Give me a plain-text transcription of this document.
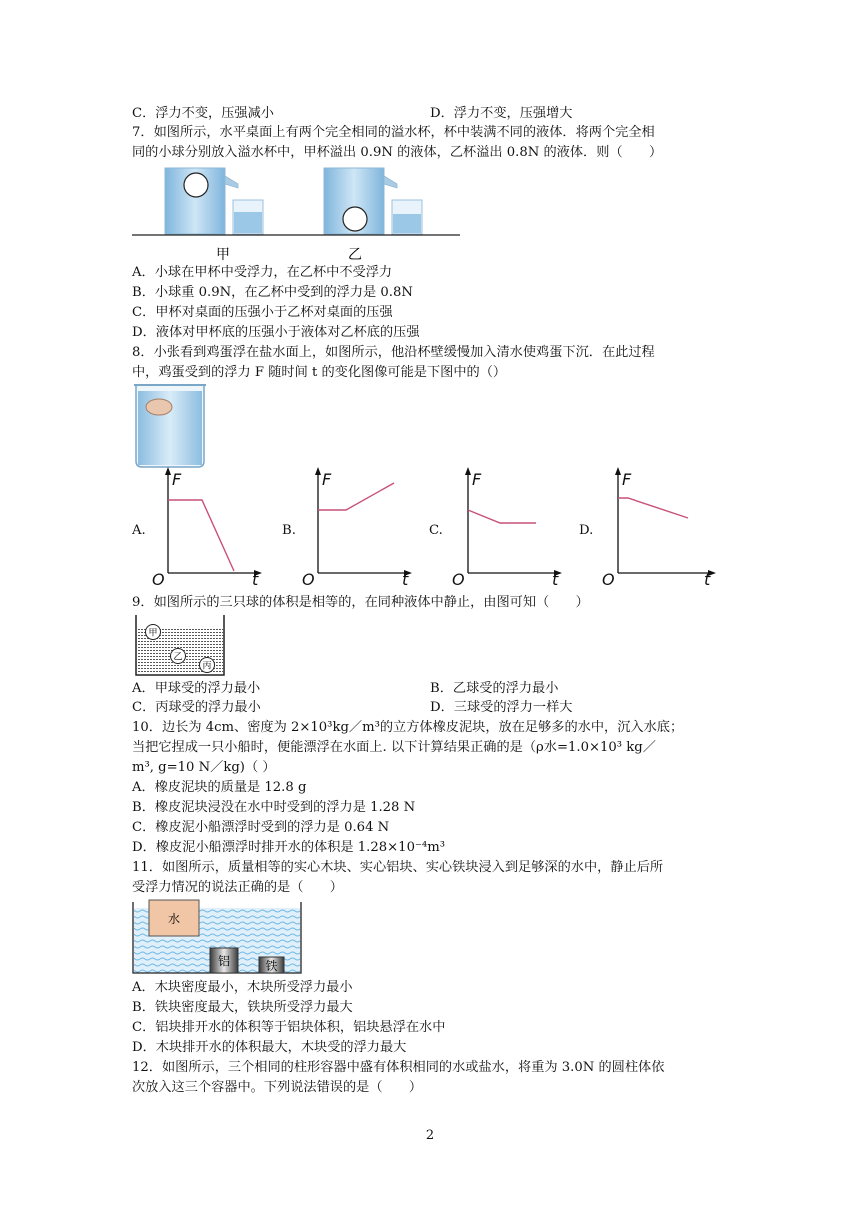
C．浮力不变，压强减小	D．浮力不变，压强增大
7．如图所示，水平桌面上有两个完全相同的溢水杯，杯中装满不同的液体．将两个完全相
同的小球分别放入溢水杯中，甲杯溢出 0.9N 的液体，乙杯溢出 0.8N 的液体．则（　　）
甲	乙
A．小球在甲杯中受浮力，在乙杯中不受浮力
B．小球重 0.9N，在乙杯中受到的浮力是 0.8N
C．甲杯对桌面的压强小于乙杯对桌面的压强
D．液体对甲杯底的压强小于液体对乙杯底的压强
8．小张看到鸡蛋浮在盐水面上，如图所示，他沿杯壁缓慢加入清水使鸡蛋下沉．在此过程
中，鸡蛋受到的浮力 F 随时间 t 的变化图像可能是下图中的（）
A.	B.	C.	D.
F
t
O
F
t
O
F
t
O
F
t
O
9．如图所示的三只球的体积是相等的，在同种液体中静止，由图可知（　　）
甲
乙
丙
A．甲球受的浮力最小	B．乙球受的浮力最小
C．丙球受的浮力最小	D．三球受的浮力一样大
10．边长为 4cm、密度为 2×10³kg／m³的立方体橡皮泥块，放在足够多的水中，沉入水底；
当把它捏成一只小船时，便能漂浮在水面上. 以下计算结果正确的是（ρ水=1.0×10³ kg／
m³, g=10 N／kg)（ ）
A．橡皮泥块的质量是 12.8 g
B．橡皮泥块浸没在水中时受到的浮力是 1.28 N
C．橡皮泥小船漂浮时受到的浮力是 0.64 N
D．橡皮泥小船漂浮时排开水的体积是 1.28×10⁻⁴m³
11．如图所示，质量相等的实心木块、实心铝块、实心铁块浸入到足够深的水中，静止后所
受浮力情况的说法正确的是（　　）
水
铝	铁
A．木块密度最小，木块所受浮力最小
B．铁块密度最大，铁块所受浮力最大
C．铝块排开水的体积等于铝块体积，铝块悬浮在水中
D．木块排开水的体积最大，木块受的浮力最大
12．如图所示，三个相同的柱形容器中盛有体积相同的水或盐水，将重为 3.0N 的圆柱体依
次放入这三个容器中。下列说法错误的是（　　）
2
